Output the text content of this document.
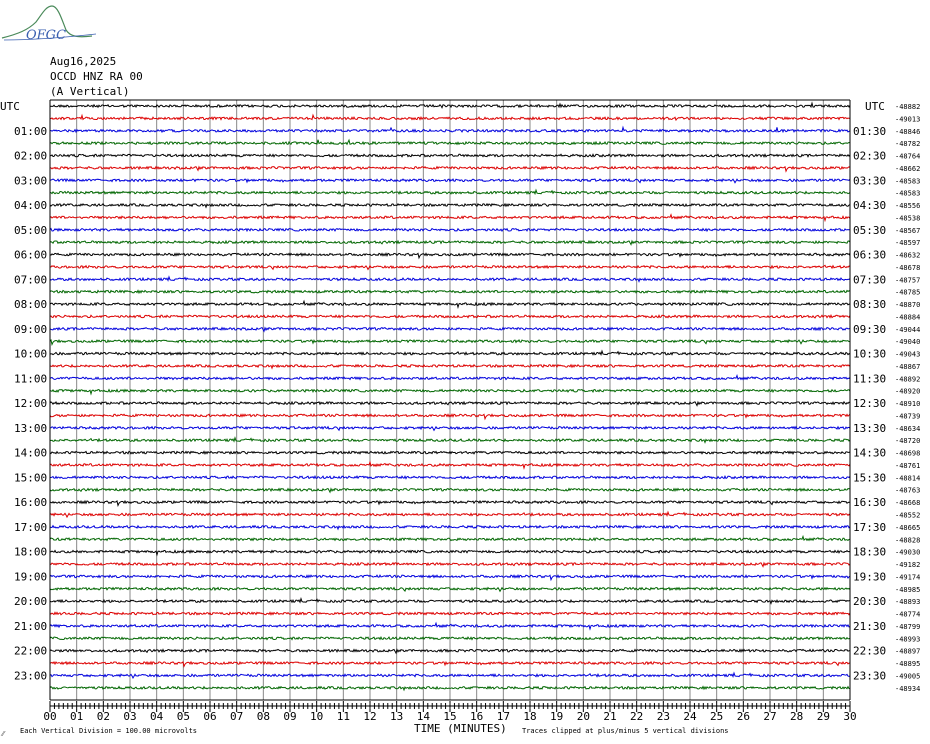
OFGC
Aug16,2025
OCCD HNZ RA 00
(A Vertical)
01:00
02:00
03:00
04:00
05:00
06:00
07:00
08:00
09:00
10:00
11:00
12:00
13:00
14:00
15:00
16:00
17:00
18:00
19:00
20:00
21:00
22:00
23:00
01:30
02:30
03:30
04:30
05:30
06:30
07:30
08:30
09:30
10:30
11:30
12:30
13:30
14:30
15:30
16:30
17:30
18:30
19:30
20:30
21:30
22:30
23:30
-48882
-49013
-48846
-48782
-48764
-48662
-48583
-48583
-48556
-48538
-48567
-48597
-48632
-48678
-48757
-48785
-48870
-48884
-49044
-49040
-49043
-48867
-48892
-48920
-48910
-48739
-48634
-48720
-48698
-48761
-48814
-48763
-48668
-48552
-48665
-48828
-49030
-49182
-49174
-48985
-48893
-48774
-48799
-48993
-48897
-48895
-49005
-48934
00 01 02 03 04 05 06 07 08 09 10 11 12 13 14 15 16 17 18 19 20 21 22 23 24 25 26 27 28 29 30
UTC	UTC
TIME (MINUTES)
Each Vertical Division = 100.00 microvolts	Traces clipped at plus/minus 5 vertical divisions
⁄⁄
